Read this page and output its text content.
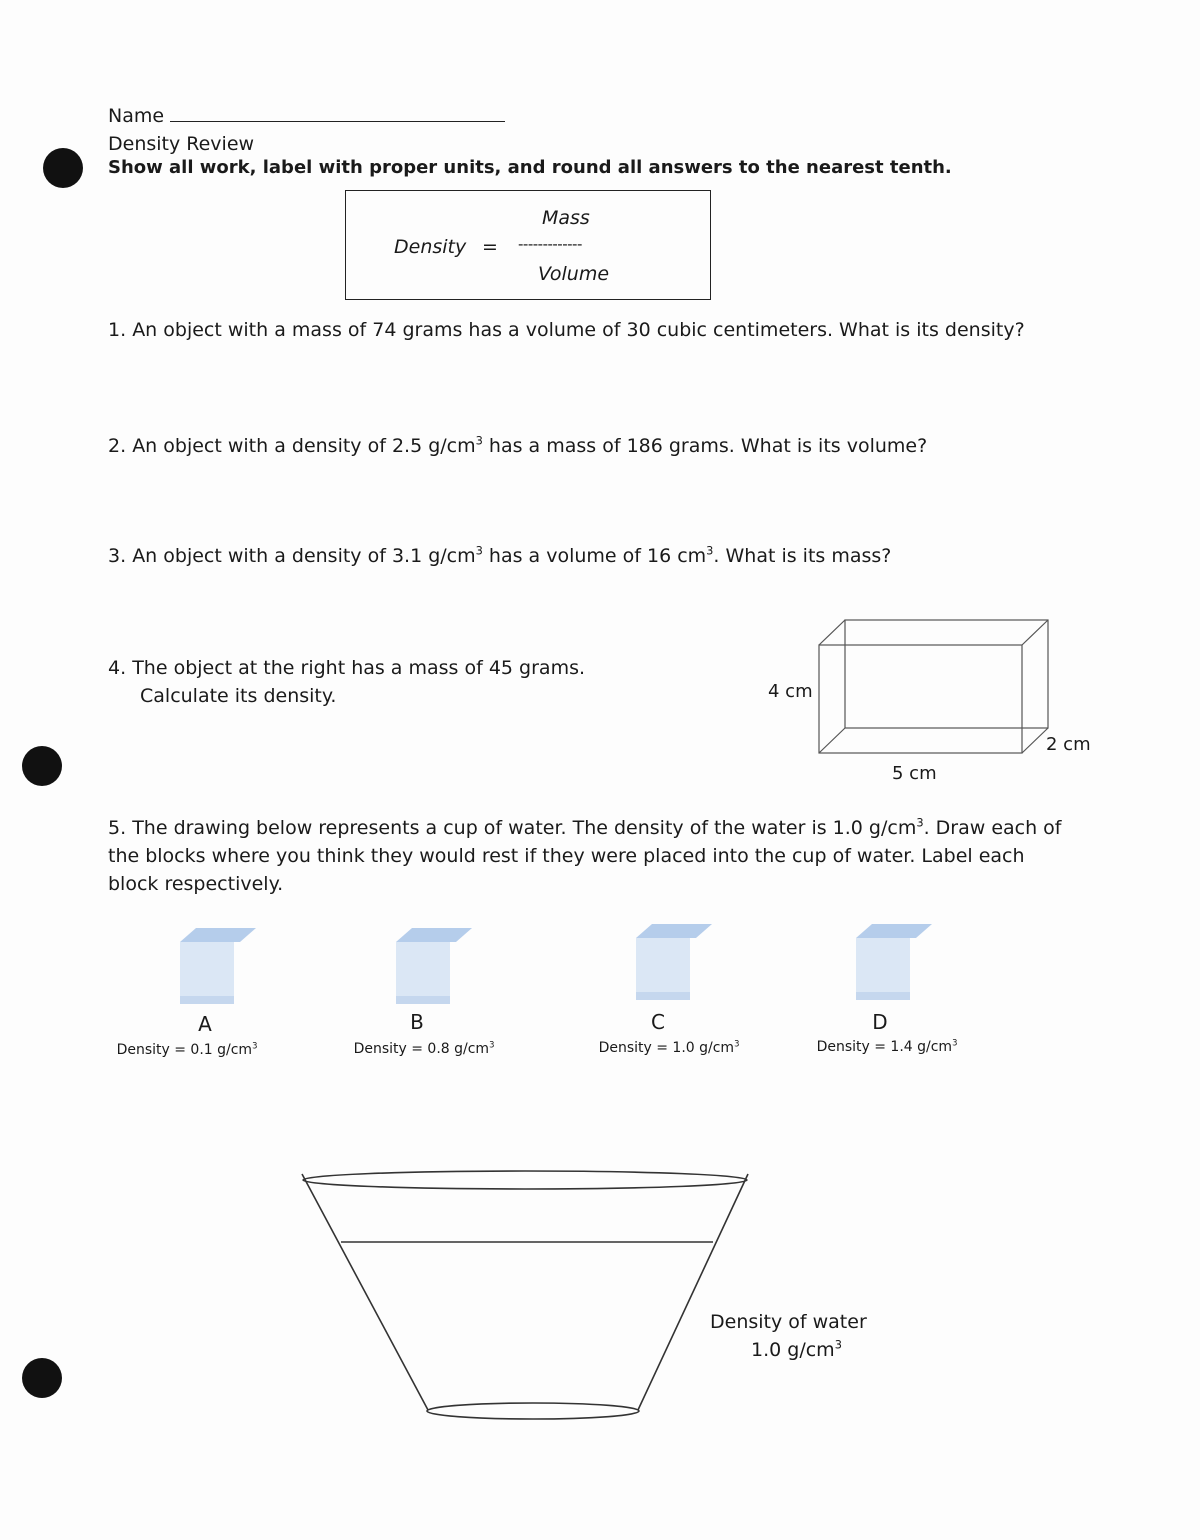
Name
Density Review
Show all work, label with proper units, and round all answers to the nearest tenth.
Density =
Mass
-------------
Volume
1. An object with a mass of 74 grams has a volume of 30 cubic centimeters. What is its density?
2. An object with a density of 2.5 $g/cm^3$ has a mass of 186 grams. What is its volume?
3. An object with a density of 3.1 $g/cm^3$ has a volume of 16 $cm^3$. What is its mass?
4. The object at the right has a mass of 45 grams.
Calculate its density.	4 cm
5 cm
2 cm
5. The drawing below represents a cup of water. The density of the water is 1.0 $g/cm^3$. Draw each of the blocks where you think they would rest if they were placed into the cup of water. Label each block respectively.
A	B	C	D
Density = 0.1 $g/cm^3$	Density = 0.8 $g/cm^3$	Density = 1.0 $g/cm^3$	Density = 1.4 $g/cm^3$
Density of water
1.0 $g/cm^3$
